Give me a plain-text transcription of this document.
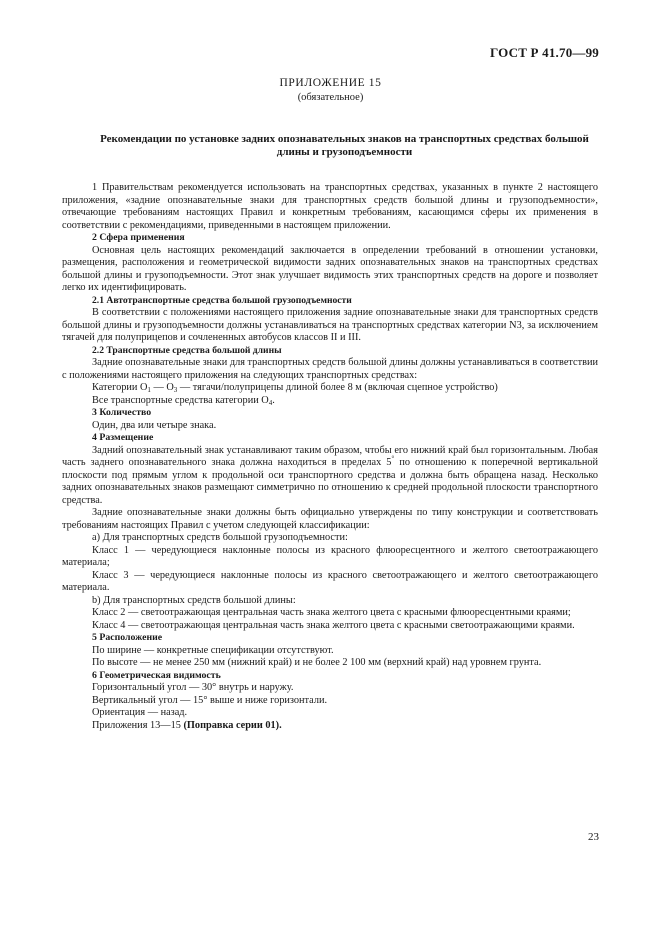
ГОСТ Р 41.70—99
ПРИЛОЖЕНИЕ 15
(обязательное)
Рекомендации по установке задних опознавательных знаков на транспортных средствах большой длины и грузоподъемности

1 Правительствам рекомендуется использовать на транспортных средствах, указанных в пункте 2 настоящего приложения, «задние опознавательные знаки для транспортных средств большой длины и грузоподъемности», отвечающие требованиям настоящих Правил и конкретным требованиям, касающимся сферы их применения в соответствии с рекомендациями, приведенными в настоящем приложении.

2 Сфера применения

Основная цель настоящих рекомендаций заключается в определении требований в отношении установки, размещения, расположения и геометрической видимости задних опознавательных знаков на транспортных средствах большой длины и грузоподъемности. Этот знак улучшает видимость этих транспортных средств на дороге и позволяет легко их идентифицировать.

2.1 Автотранспортные средства большой грузоподъемности

В соответствии с положениями настоящего приложения задние опознавательные знаки для транспортных средств большой длины и грузоподъемности должны устанавливаться на транспортных средствах категории N3, за исключением тягачей для полуприцепов и сочлененных автобусов классов II и III.

2.2 Транспортные средства большой длины

Задние опознавательные знаки для транспортных средств большой длины должны устанавливаться в соответствии с положениями настоящего приложения на следующих транспортных средствах:

Категории $O_1$ — $O_3$ — тягачи/полуприцепы длиной более 8 м (включая сцепное устройство)

Все транспортные средства категории $O_4$.

3 Количество

Один, два или четыре знака.

4 Размещение

Задний опознавательный знак устанавливают таким образом, чтобы его нижний край был горизонтальным. Любая часть заднего опознавательного знака должна находиться в пределах 5° по отношению к поперечной вертикальной плоскости под прямым углом к продольной оси транспортного средства и должна быть обращена назад. Несколько задних опознавательных знаков размещают симметрично по отношению к средней продольной плоскости транспортного средства.

Задние опознавательные знаки должны быть официально утверждены по типу конструкции и соответствовать требованиям настоящих Правил с учетом следующей классификации:

a) Для транспортных средств большой грузоподъемности:

Класс 1 — чередующиеся наклонные полосы из красного флюоресцентного и желтого светоотражающего материала;

Класс 3 — чередующиеся наклонные полосы из красного светоотражающего и желтого светоотражающего материала.

b) Для транспортных средств большой длины:

Класс 2 — светоотражающая центральная часть знака желтого цвета с красными флюоресцентными краями;

Класс 4 — светоотражающая центральная часть знака желтого цвета с красными светоотражающими краями.

5 Расположение

По ширине — конкретные спецификации отсутствуют.

По высоте — не менее 250 мм (нижний край) и не более 2 100 мм (верхний край) над уровнем грунта.

6 Геометрическая видимость

Горизонтальный угол — 30° внутрь и наружу.

Вертикальный угол — 15° выше и ниже горизонтали.

Ориентация — назад.

Приложения 13—15 (Поправка серии 01).

23
